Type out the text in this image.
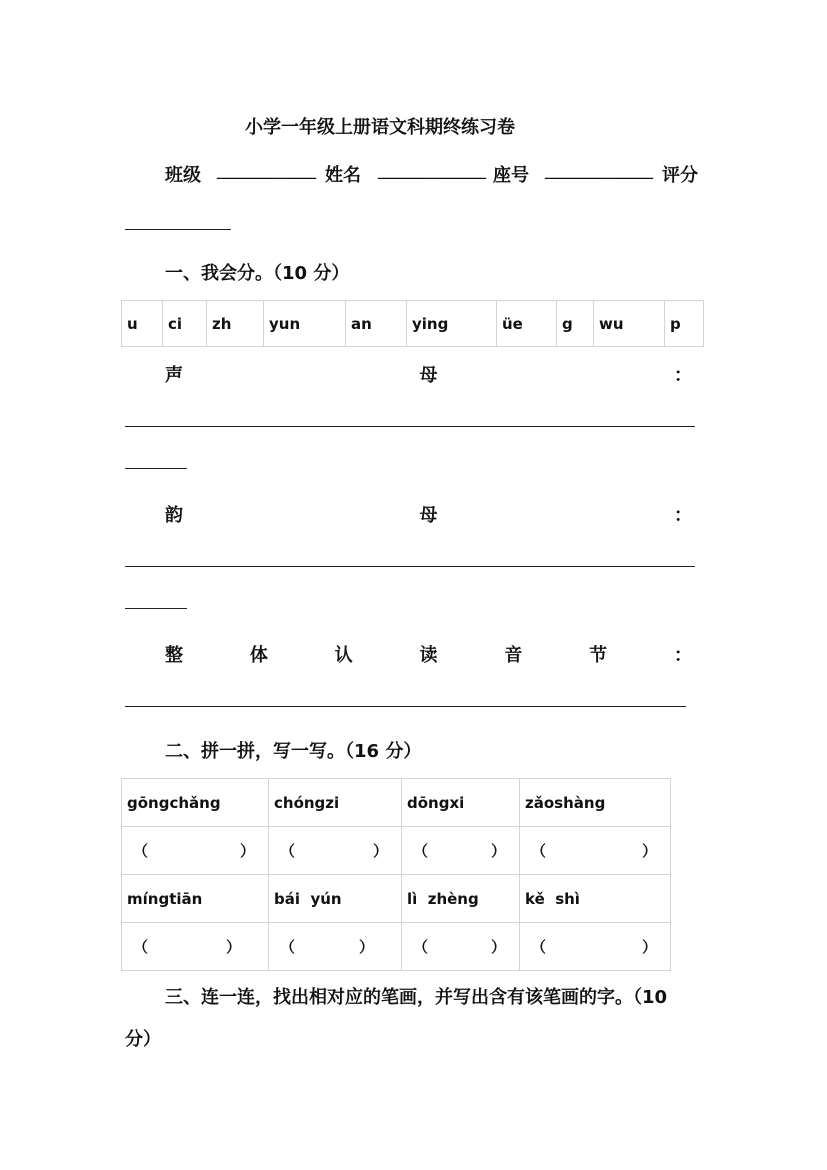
小学一年级上册语文科期终练习卷
班级 ___________ 姓名 ____________ 座号 ____________ 评分
一、我会分。（10 分）
u	ci	zh	yun	an	ying	üe	g	wu	p
声	母	：
韵	母	：
整	体	认	读	音	节	：
二、拼一拼，写一写。（16 分）
gōngchǎng	chóngzi	dōngxi	zǎoshàng

（ ）	（ ）	（ ）	（ ）

míngtiān	bái  yún	lì  zhèng	kě  shì

（ ）	（ ）	（ ）	（ ）
三、连一连，找出相对应的笔画，并写出含有该笔画的字。（10
分）
